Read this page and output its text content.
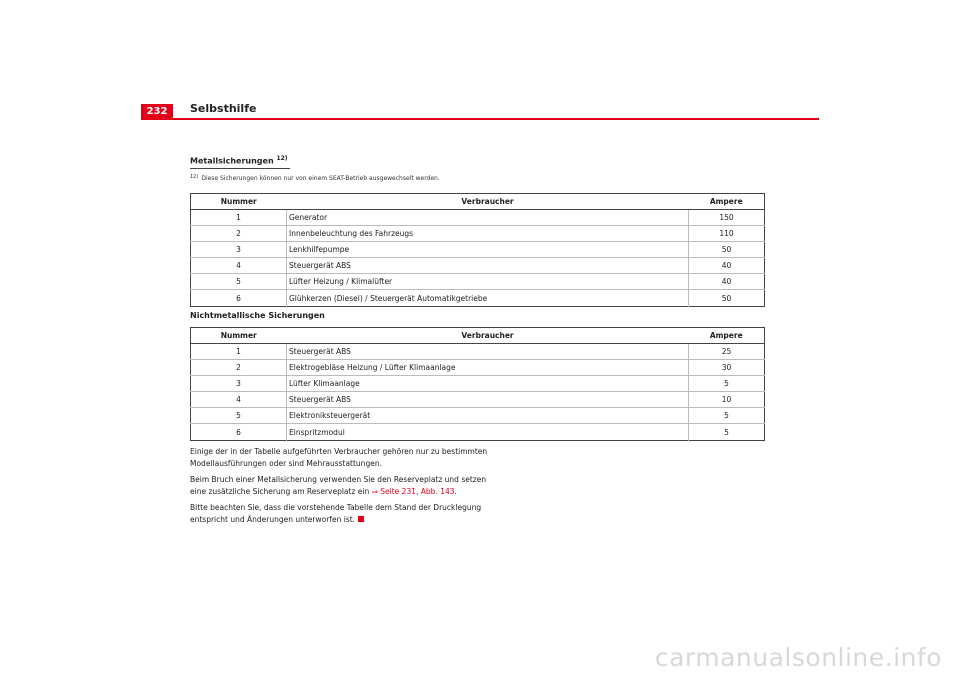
232	Selbsthilfe
Metallsicherungen $^{12)}$
$^{12)}$ Diese Sicherungen können nur von einem SEAT-Betrieb ausgewechselt werden.
Nummer	Verbraucher	Ampere
1	Generator	150
2	Innenbeleuchtung des Fahrzeugs	110
3	Lenkhilfepumpe	50
4	Steuergerät ABS	40
5	Lüfter Heizung / Klimalüfter	40
6	Glühkerzen (Diesel) / Steuergerät Automatikgetriebe	50
Nichtmetallische Sicherungen
Nummer	Verbraucher	Ampere
1	Steuergerät ABS	25
2	Elektrogebläse Heizung / Lüfter Klimaanlage	30
3	Lüfter Klimaanlage	5
4	Steuergerät ABS	10
5	Elektroniksteuergerät	5
6	Einspritzmodul	5

Einige der in der Tabelle aufgeführten Verbraucher gehören nur zu bestimmten Modellausführungen oder sind Mehrausstattungen.

Beim Bruch einer Metallsicherung verwenden Sie den Reserveplatz und setzen eine zusätzliche Sicherung am Reserveplatz ein ⇒ Seite 231, Abb. 143.

Bitte beachten Sie, dass die vorstehende Tabelle dem Stand der Drucklegung entspricht und Änderungen unterworfen ist.

carmanualsonline.info
